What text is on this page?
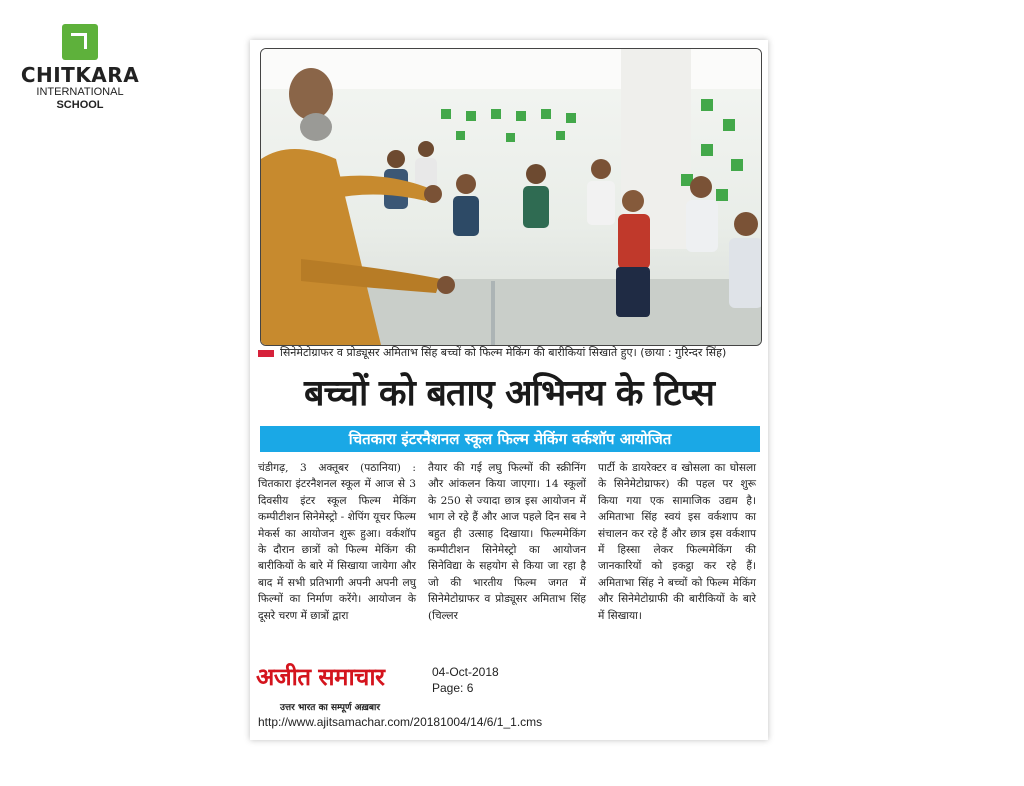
CHITKARA
INTERNATIONAL
SCHOOL
सिनेमेटोग्राफर व प्रोड्यूसर अमिताभ सिंह बच्चों को फिल्म मेकिंग की बारीकियां सिखाते हुए। (छाया : गुरिन्दर सिंह)
बच्चों को बताए अभिनय के टिप्स
चितकारा इंटरनैशनल स्कूल फिल्म मेकिंग वर्कशॉप आयोजित
चंडीगढ़, 3 अक्तूबर (पठानिया) : चितकारा इंटरनैशनल स्कूल में आज से 3 दिवसीय इंटर स्कूल फिल्म मेकिंग कम्पीटीशन सिनेमेस्ट्रो - शेपिंग यूचर फिल्म मेकर्स का आयोजन शुरू हुआ। वर्कशॉप के दौरान छात्रों को फिल्म मेकिंग की बारीकियों के बारे में सिखाया जायेगा और बाद में सभी प्रतिभागी अपनी अपनी लघु फिल्मों का निर्माण करेंगे। आयोजन के दूसरे चरण में छात्रों द्वारा
तैयार की गई लघु फिल्मों की स्क्रीनिंग और आंकलन किया जाएगा। 14 स्कूलों के 250 से ज्यादा छात्र इस आयोजन में भाग ले रहे हैं और आज पहले दिन सब ने बहुत ही उत्साह दिखाया। फिल्ममेकिंग कम्पीटीशन सिनेमेस्ट्रो का आयोजन सिनेविद्या के सहयोग से किया जा रहा है जो की भारतीय फिल्म जगत में सिनेमेटोग्राफर व प्रोड्यूसर अमिताभ सिंह (चिल्लर
पार्टी के डायरेक्टर व खोसला का घोसला के सिनेमेटोग्राफर) की पहल पर शुरू किया गया एक सामाजिक उद्यम है। अमिताभा सिंह स्वयं इस वर्कशाप का संचालन कर रहे हैं और छात्र इस वर्कशाप में हिस्सा लेकर फिल्ममेकिंग की जानकारियों को इकट्ठा कर रहे हैं। अमिताभा सिंह ने बच्चों को फिल्म मेकिंग और सिनेमेटोग्राफी की बारीकियों के बारे में सिखाया।
अजीत समाचार
उत्तर भारत का सम्पूर्ण अख़बार
04-Oct-2018
Page: 6
http://www.ajitsamachar.com/20181004/14/6/1_1.cms
